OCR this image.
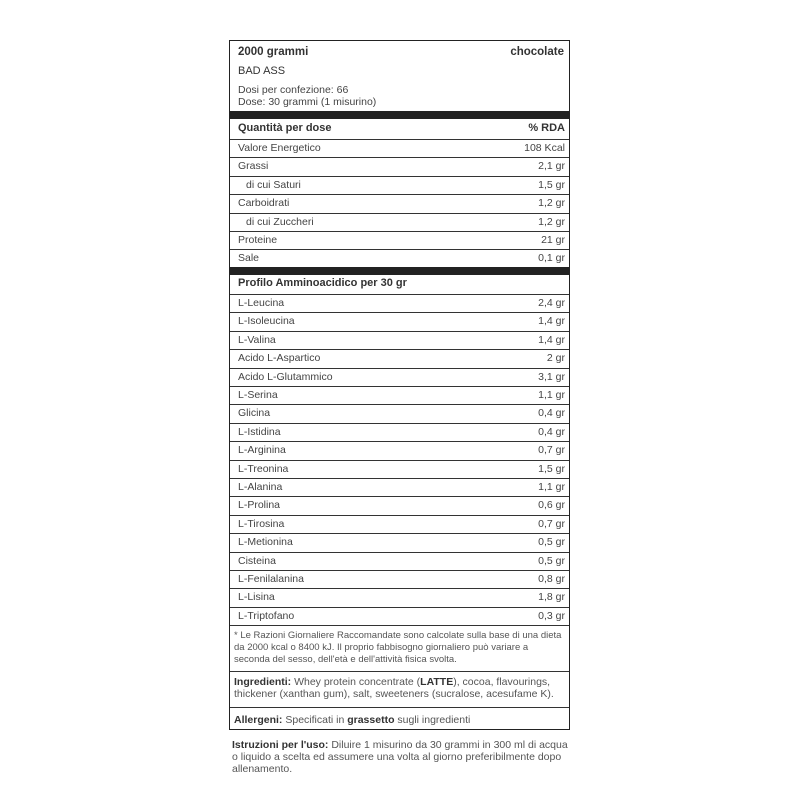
2000 grammi	chocolate
BAD ASS
Dosi per confezione: 66
Dose: 30 grammi (1 misurino)
Quantità per dose	% RDA
Valore Energetico	108 Kcal
Grassi	2,1 gr
di cui Saturi	1,5 gr
Carboidrati	1,2 gr
di cui Zuccheri	1,2 gr
Proteine	21 gr
Sale	0,1 gr
Profilo Amminoacidico per 30 gr
L-Leucina	2,4 gr
L-Isoleucina	1,4 gr
L-Valina	1,4 gr
Acido L-Aspartico	2 gr
Acido L-Glutammico	3,1 gr
L-Serina	1,1 gr
Glicina	0,4 gr
L-Istidina	0,4 gr
L-Arginina	0,7 gr
L-Treonina	1,5 gr
L-Alanina	1,1 gr
L-Prolina	0,6 gr
L-Tirosina	0,7 gr
L-Metionina	0,5 gr
Cisteina	0,5 gr
L-Fenilalanina	0,8 gr
L-Lisina	1,8 gr
L-Triptofano	0,3 gr
* Le Razioni Giornaliere Raccomandate sono calcolate sulla base di una dieta da 2000 kcal o 8400 kJ. Il proprio fabbisogno giornaliero può variare a seconda del sesso, dell'età e dell'attività fisica svolta.
Ingredienti: Whey protein concentrate (LATTE), cocoa, flavourings, thickener (xanthan gum), salt, sweeteners (sucralose, acesufame K).
Allergeni: Specificati in grassetto sugli ingredienti
Istruzioni per l'uso: Diluire 1 misurino da 30 grammi in 300 ml di acqua o liquido a scelta ed assumere una volta al giorno preferibilmente dopo allenamento.
